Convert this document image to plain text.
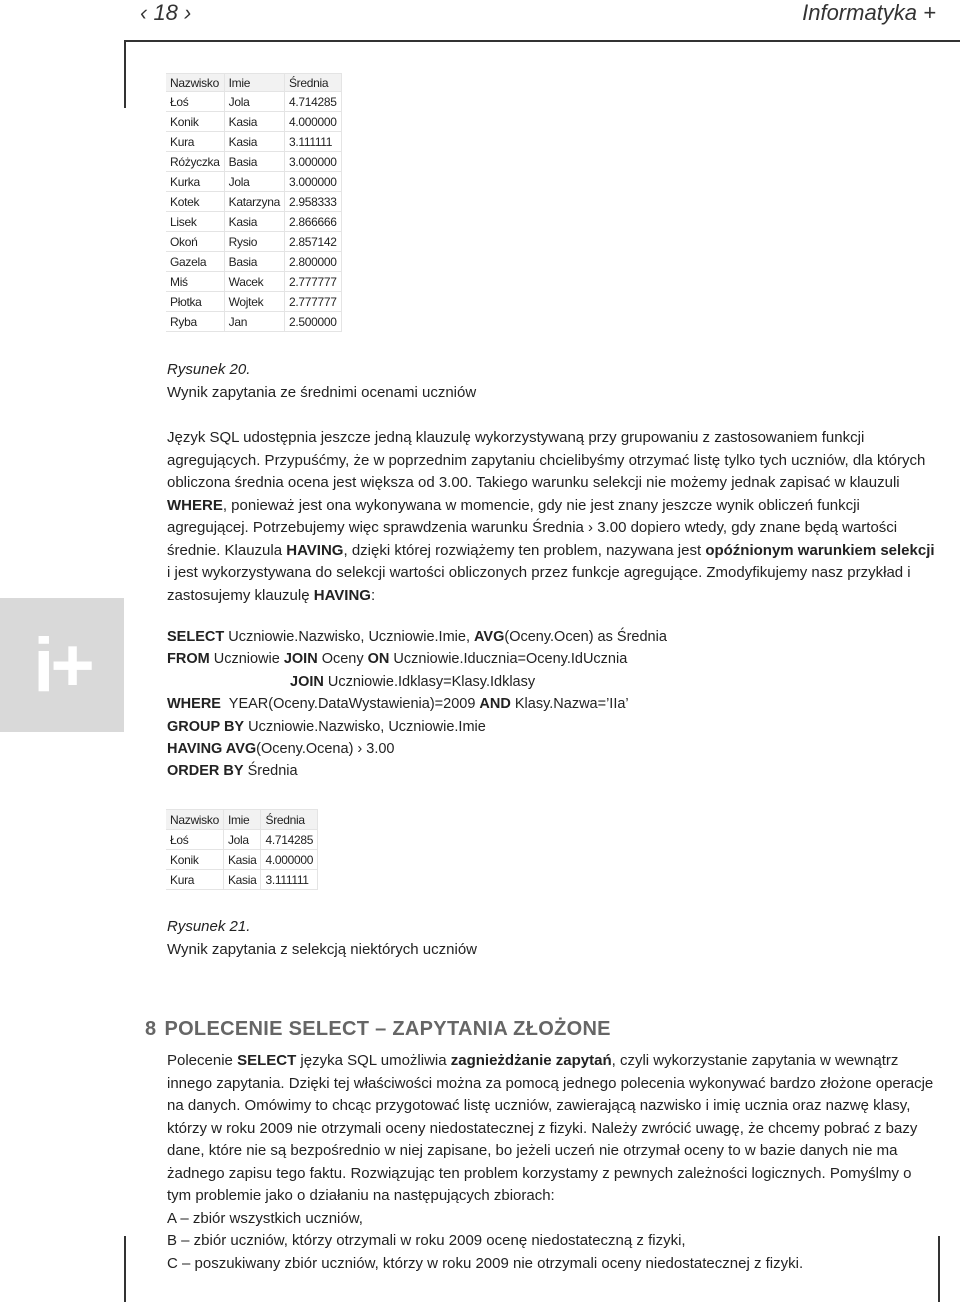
‹ 18 ›	Informatyka +
i+
Nazwisko	Imie	Średnia
Łoś	Jola	4.714285
Konik	Kasia	4.000000
Kura	Kasia	3.111111
Różyczka	Basia	3.000000
Kurka	Jola	3.000000
Kotek	Katarzyna	2.958333
Lisek	Kasia	2.866666
Okoń	Rysio	2.857142
Gazela	Basia	2.800000
Miś	Wacek	2.777777
Płotka	Wojtek	2.777777
Ryba	Jan	2.500000
Rysunek 20.
Wynik zapytania ze średnimi ocenami uczniów

Język SQL udostępnia jeszcze jedną klauzulę wykorzystywaną przy grupowaniu z zastosowaniem funkcji agregujących. Przypuśćmy, że w poprzednim zapytaniu chcielibyśmy otrzymać listę tylko tych uczniów, dla których obliczona średnia ocena jest większa od 3.00. Takiego warunku selekcji nie możemy jednak zapisać w klauzuli WHERE, ponieważ jest ona wykonywana w momencie, gdy nie jest znany jeszcze wynik obliczeń funkcji agregującej. Potrzebujemy więc sprawdzenia warunku Średnia › 3.00 dopiero wtedy, gdy znane będą wartości średnie. Klauzula HAVING, dzięki której rozwiążemy ten problem, nazywana jest opóźnionym warunkiem selekcji i jest wykorzystywana do selekcji wartości obliczonych przez funkcje agregujące. Zmodyfikujemy nasz przykład i zastosujemy klauzulę HAVING:

SELECT Uczniowie.Nazwisko, Uczniowie.Imie, AVG(Oceny.Ocen) as Średnia
FROM Uczniowie JOIN Oceny ON Uczniowie.Iducznia=Oceny.IdUcznia
JOIN Uczniowie.Idklasy=Klasy.Idklasy
WHERE  YEAR(Oceny.DataWystawienia)=2009 AND Klasy.Nazwa=’IIa’
GROUP BY Uczniowie.Nazwisko, Uczniowie.Imie
HAVING AVG(Oceny.Ocena) › 3.00
ORDER BY Średnia
Nazwisko	Imie	Średnia
Łoś	Jola	4.714285
Konik	Kasia	4.000000
Kura	Kasia	3.111111
Rysunek 21.
Wynik zapytania z selekcją niektórych uczniów
8 POLECENIE SELECT – ZAPYTANIA ZŁOŻONE

Polecenie SELECT języka SQL umożliwia zagnieżdżanie zapytań, czyli wykorzystanie zapytania w wewnątrz innego zapytania. Dzięki tej właściwości można za pomocą jednego polecenia wykonywać bardzo złożone operacje na danych. Omówimy to chcąc przygotować listę uczniów, zawierającą nazwisko i imię ucznia oraz nazwę klasy, którzy w roku 2009 nie otrzymali oceny niedostatecznej z fizyki. Należy zwrócić uwagę, że chcemy pobrać z bazy dane, które nie są bezpośrednio w niej zapisane, bo jeżeli uczeń nie otrzymał oceny to w bazie danych nie ma żadnego zapisu tego faktu. Rozwiązując ten problem korzystamy z pewnych zależności logicznych. Pomyślmy o tym problemie jako o działaniu na następujących zbiorach:
A – zbiór wszystkich uczniów,
B – zbiór uczniów, którzy otrzymali w roku 2009 ocenę niedostateczną z fizyki,
C – poszukiwany zbiór uczniów, którzy w roku 2009 nie otrzymali oceny niedostatecznej z fizyki.
